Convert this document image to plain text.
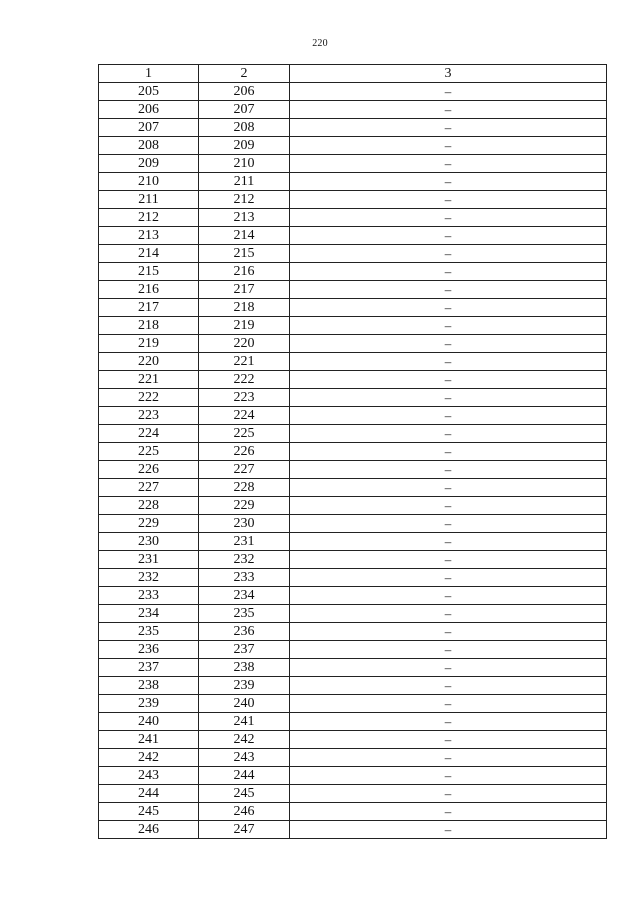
220
1	2	3
205	206	–
206	207	–
207	208	–
208	209	–
209	210	–
210	211	–
211	212	–
212	213	–
213	214	–
214	215	–
215	216	–
216	217	–
217	218	–
218	219	–
219	220	–
220	221	–
221	222	–
222	223	–
223	224	–
224	225	–
225	226	–
226	227	–
227	228	–
228	229	–
229	230	–
230	231	–
231	232	–
232	233	–
233	234	–
234	235	–
235	236	–
236	237	–
237	238	–
238	239	–
239	240	–
240	241	–
241	242	–
242	243	–
243	244	–
244	245	–
245	246	–
246	247	–
